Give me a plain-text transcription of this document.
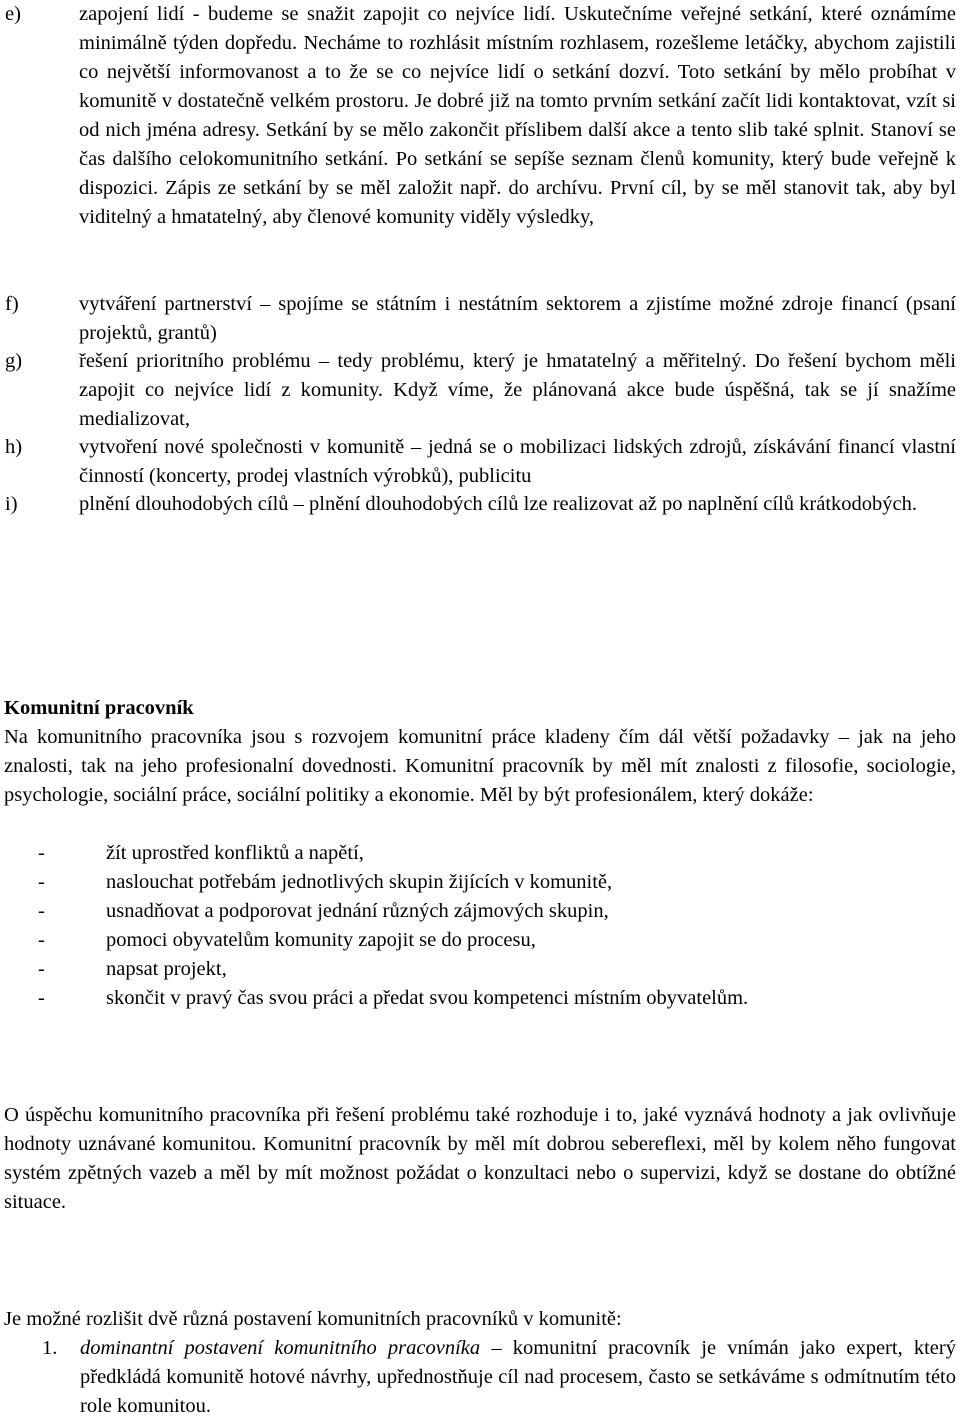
e)	zapojení lidí - budeme se snažit zapojit co nejvíce lidí. Uskutečníme veřejné setkání, které oznámíme minimálně týden dopředu. Necháme to rozhlásit místním rozhlasem, rozešleme letáčky, abychom zajistili co největší informovanost a to že se co nejvíce lidí o setkání dozví. Toto setkání by mělo probíhat v komunitě v dostatečně velkém prostoru. Je dobré již na tomto prvním setkání začít lidi kontaktovat, vzít si od nich jména adresy. Setkání by se mělo zakončit příslibem další akce a tento slib také splnit. Stanoví se čas dalšího celokomunitního setkání. Po setkání se sepíše seznam členů komunity, který bude veřejně k dispozici. Zápis ze setkání by se měl založit např. do archívu. První cíl, by se měl stanovit tak, aby byl viditelný a hmatatelný, aby členové komunity viděly výsledky,
f)	vytváření partnerství – spojíme se státním i nestátním sektorem a zjistíme možné zdroje financí (psaní projektů, grantů)
g)	řešení prioritního problému – tedy problému, který je hmatatelný a měřitelný. Do řešení bychom měli zapojit co nejvíce lidí z komunity. Když víme, že plánovaná akce bude úspěšná, tak se jí snažíme medializovat,
h)	vytvoření nové společnosti v komunitě – jedná se o mobilizaci lidských zdrojů, získávání financí vlastní činností (koncerty, prodej vlastních výrobků), publicitu
i)	plnění dlouhodobých cílů – plnění dlouhodobých cílů lze realizovat až po naplnění cílů krátkodobých.
Komunitní pracovník
Na komunitního pracovníka jsou s rozvojem komunitní práce kladeny čím dál větší požadavky – jak na jeho znalosti, tak na jeho profesionalní dovednosti. Komunitní pracovník by měl mít znalosti z filosofie, sociologie, psychologie, sociální práce, sociální politiky a ekonomie. Měl by být profesionálem, který dokáže:
-	žít uprostřed konfliktů a napětí,
-	naslouchat potřebám jednotlivých skupin žijících v komunitě,
-	usnadňovat a podporovat jednání různých zájmových skupin,
-	pomoci obyvatelům komunity zapojit se do procesu,
-	napsat projekt,
-	skončit v pravý čas svou práci a předat svou kompetenci místním obyvatelům.
O úspěchu komunitního pracovníka při řešení problému také rozhoduje i to, jaké vyznává hodnoty a jak ovlivňuje hodnoty uznávané komunitou. Komunitní pracovník by měl mít dobrou sebereflexi, měl by kolem něho fungovat systém zpětných vazeb a měl by mít možnost požádat o konzultaci nebo o supervizi, když se dostane do obtížné situace.
Je možné rozlišit dvě různá postavení komunitních pracovníků v komunitě:
1. dominantní postavení komunitního pracovníka – komunitní pracovník je vnímán jako expert, který předkládá komunitě hotové návrhy, upřednostňuje cíl nad procesem, často se setkáváme s odmítnutím této role komunitou.
